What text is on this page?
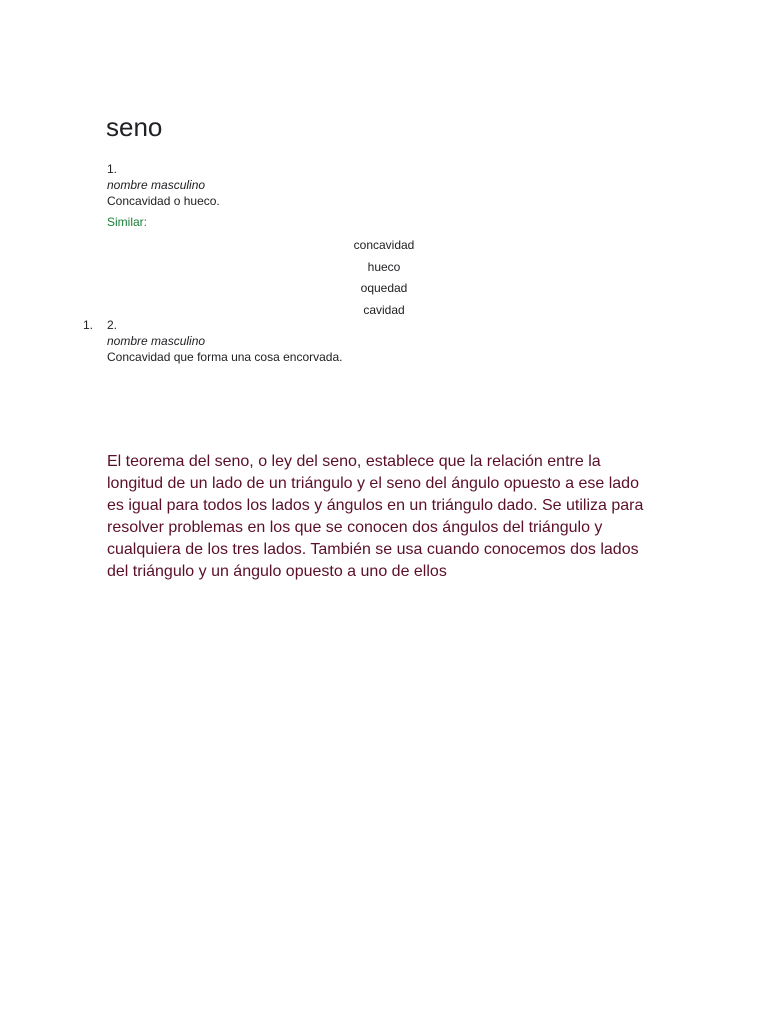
seno
1.
nombre masculino
Concavidad o hueco.
Similar:
concavidad
hueco
oquedad
cavidad
1. 2.
nombre masculino
Concavidad que forma una cosa encorvada.

El teorema del seno, o ley del seno, establece que la relación entre la longitud de un lado de un triángulo y el seno del ángulo opuesto a ese lado es igual para todos los lados y ángulos en un triángulo dado. Se utiliza para resolver problemas en los que se conocen dos ángulos del triángulo y cualquiera de los tres lados. También se usa cuando conocemos dos lados del triángulo y un ángulo opuesto a uno de ellos
